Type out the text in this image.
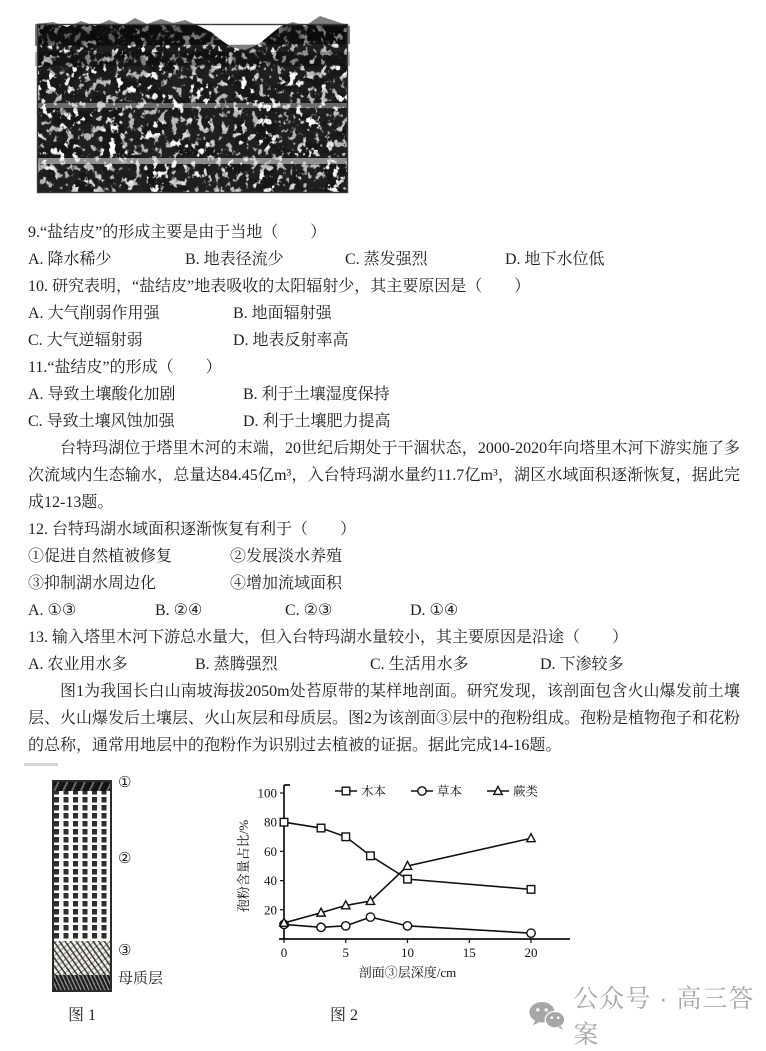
9.“盐结皮”的形成主要是由于当地（　　）
A. 降水稀少	B. 地表径流少	C. 蒸发强烈	D. 地下水位低
10. 研究表明，“盐结皮”地表吸收的太阳辐射少，其主要原因是（　　）
A. 大气削弱作用强	B. 地面辐射强
C. 大气逆辐射弱	D. 地表反射率高
11.“盐结皮”的形成（　　）
A. 导致土壤酸化加剧	B. 利于土壤湿度保持
C. 导致土壤风蚀加强	D. 利于土壤肥力提高

台特玛湖位于塔里木河的末端，20世纪后期处于干涸状态，2000-2020年向塔里木河下游实施了多次流域内生态输水，总量达84.45亿m³，入台特玛湖水量约11.7亿m³，湖区水域面积逐渐恢复，据此完成12-13题。

12. 台特玛湖水域面积逐渐恢复有利于（　　）
①促进自然植被修复	②发展淡水养殖
③抑制湖水周边化	④增加流域面积
A. ①③	B. ②④	C. ②③	D. ①④
13. 输入塔里木河下游总水量大，但入台特玛湖水量较小，其主要原因是沿途（　　）
A. 农业用水多	B. 蒸腾强烈	C. 生活用水多	D. 下渗较多

图1为我国长白山南坡海拔2050m处苔原带的某样地剖面。研究发现，该剖面包含火山爆发前土壤层、火山爆发后土壤层、火山灰层和母质层。图2为该剖面③层中的孢粉组成。孢粉是植物孢子和花粉的总称，通常用地层中的孢粉作为识别过去植被的证据。据此完成14-16题。

①
②
③
母质层
20
40
60
80
100
0	5	10	15	20
木本	草本	蕨类
剖面③层深度/cm
孢粉含量占比/%
图 1	图 2
公众号 · 高三答案
